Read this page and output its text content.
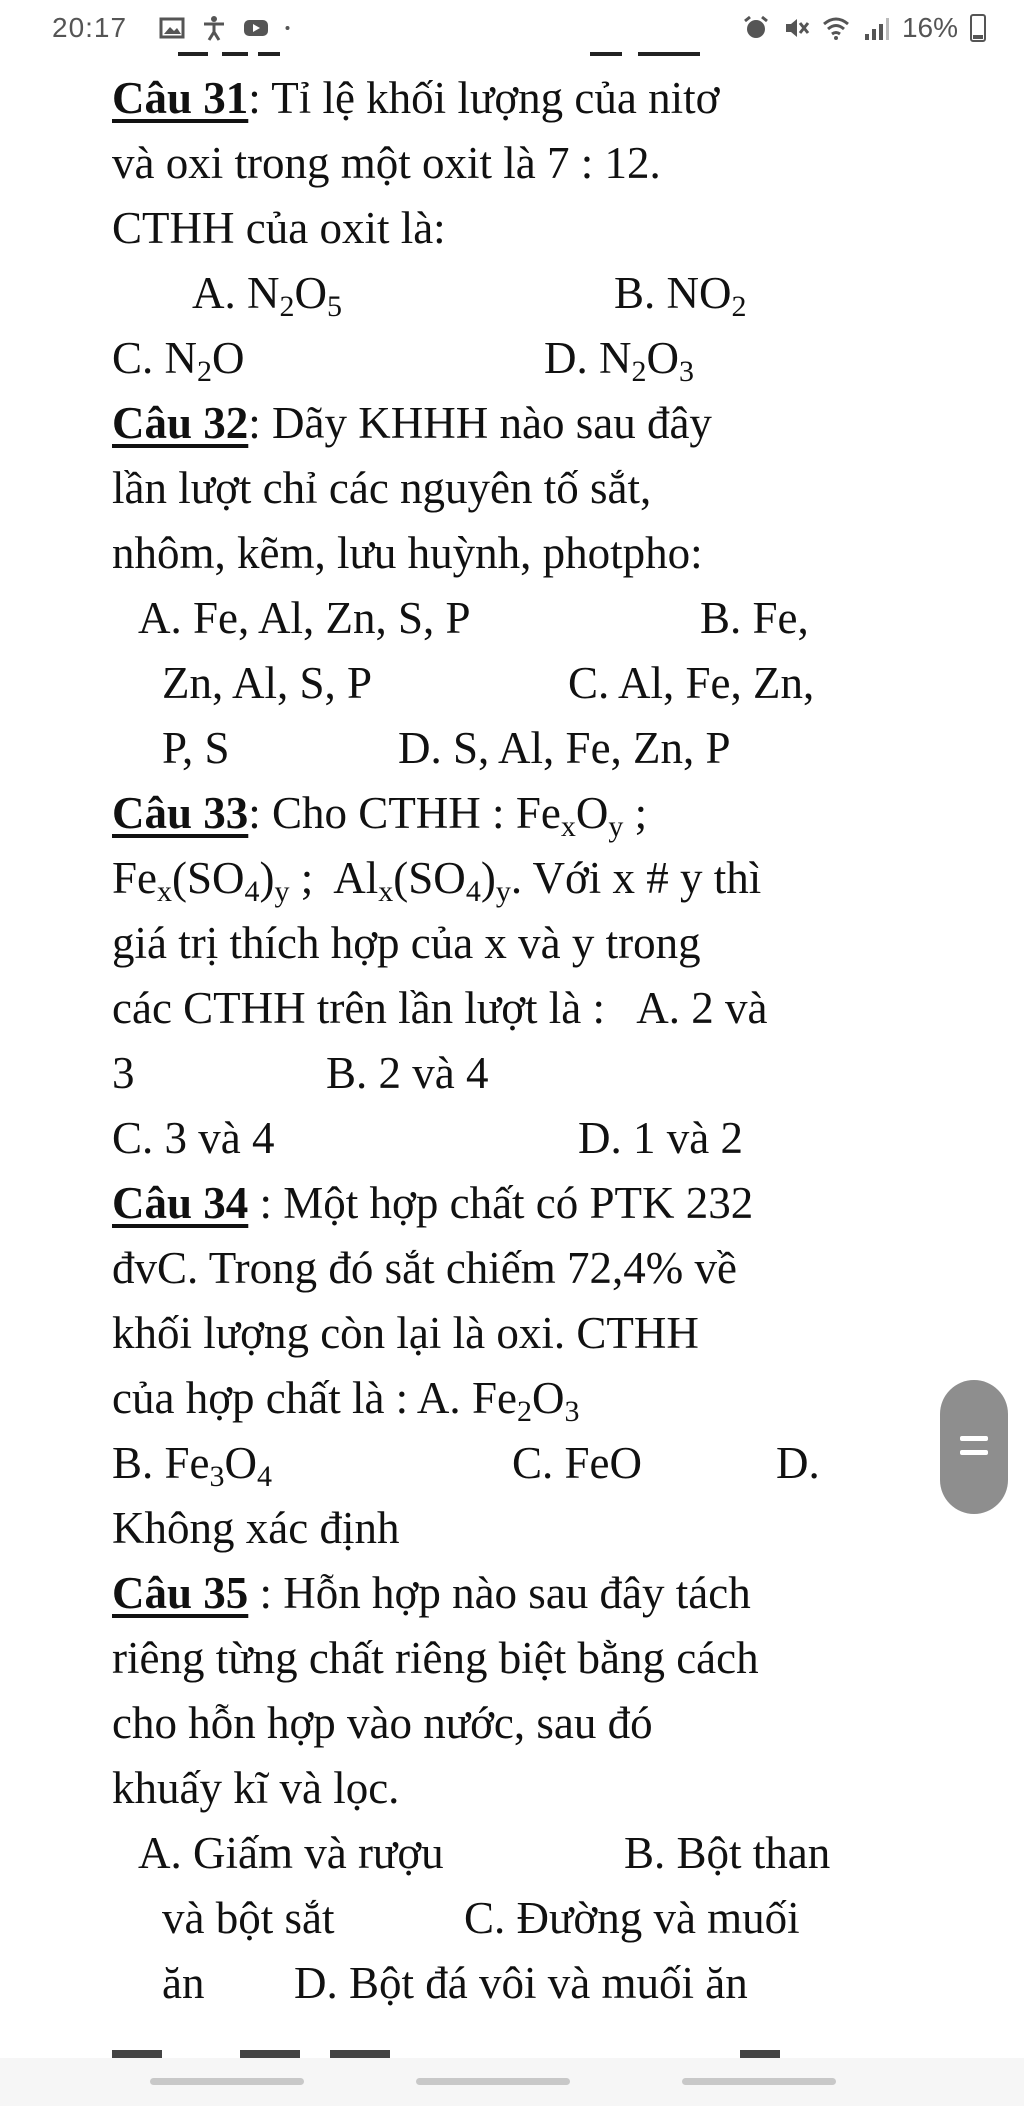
20:17	16%
Câu 31: Tỉ lệ khối lượng của nitơ
và oxi trong một oxit là 7 : 12.
CTHH của oxit là:
A. $N_2O_5$	B. $NO_2$
C. $N_2O$	D. $N_2O_3$
Câu 32: Dãy KHHH nào sau đây
lần lượt chỉ các nguyên tố sắt,
nhôm, kẽm, lưu huỳnh, photpho:
A. Fe, Al, Zn, S, P	B. Fe,
Zn, Al, S, P	C. Al, Fe, Zn,
P, S	D. S, Al, Fe, Zn, P
Câu 33: Cho CTHH : $Fe_xO_y$ ;
$Fe_x(SO_4)_y$ ;  $Al_x(SO_4)_y$. Với x # y thì
giá trị thích hợp của x và y trong
các CTHH trên lần lượt là :   A. 2 và
3	B. 2 và 4
C. 3 và 4	D. 1 và 2
Câu 34 : Một hợp chất có PTK 232
đvC. Trong đó sắt chiếm 72,4% về
khối lượng còn lại là oxi. CTHH
của hợp chất là : A. $Fe_2O_3$
B. $Fe_3O_4$	C. FeO	D.
Không xác định
Câu 35 : Hỗn hợp nào sau đây tách
riêng từng chất riêng biệt bằng cách
cho hỗn hợp vào nước, sau đó
khuấy kĩ và lọc.
A. Giấm và rượu	B. Bột than
và bột sắt	C. Đường và muối
ăn D. Bột đá vôi và muối ăn
